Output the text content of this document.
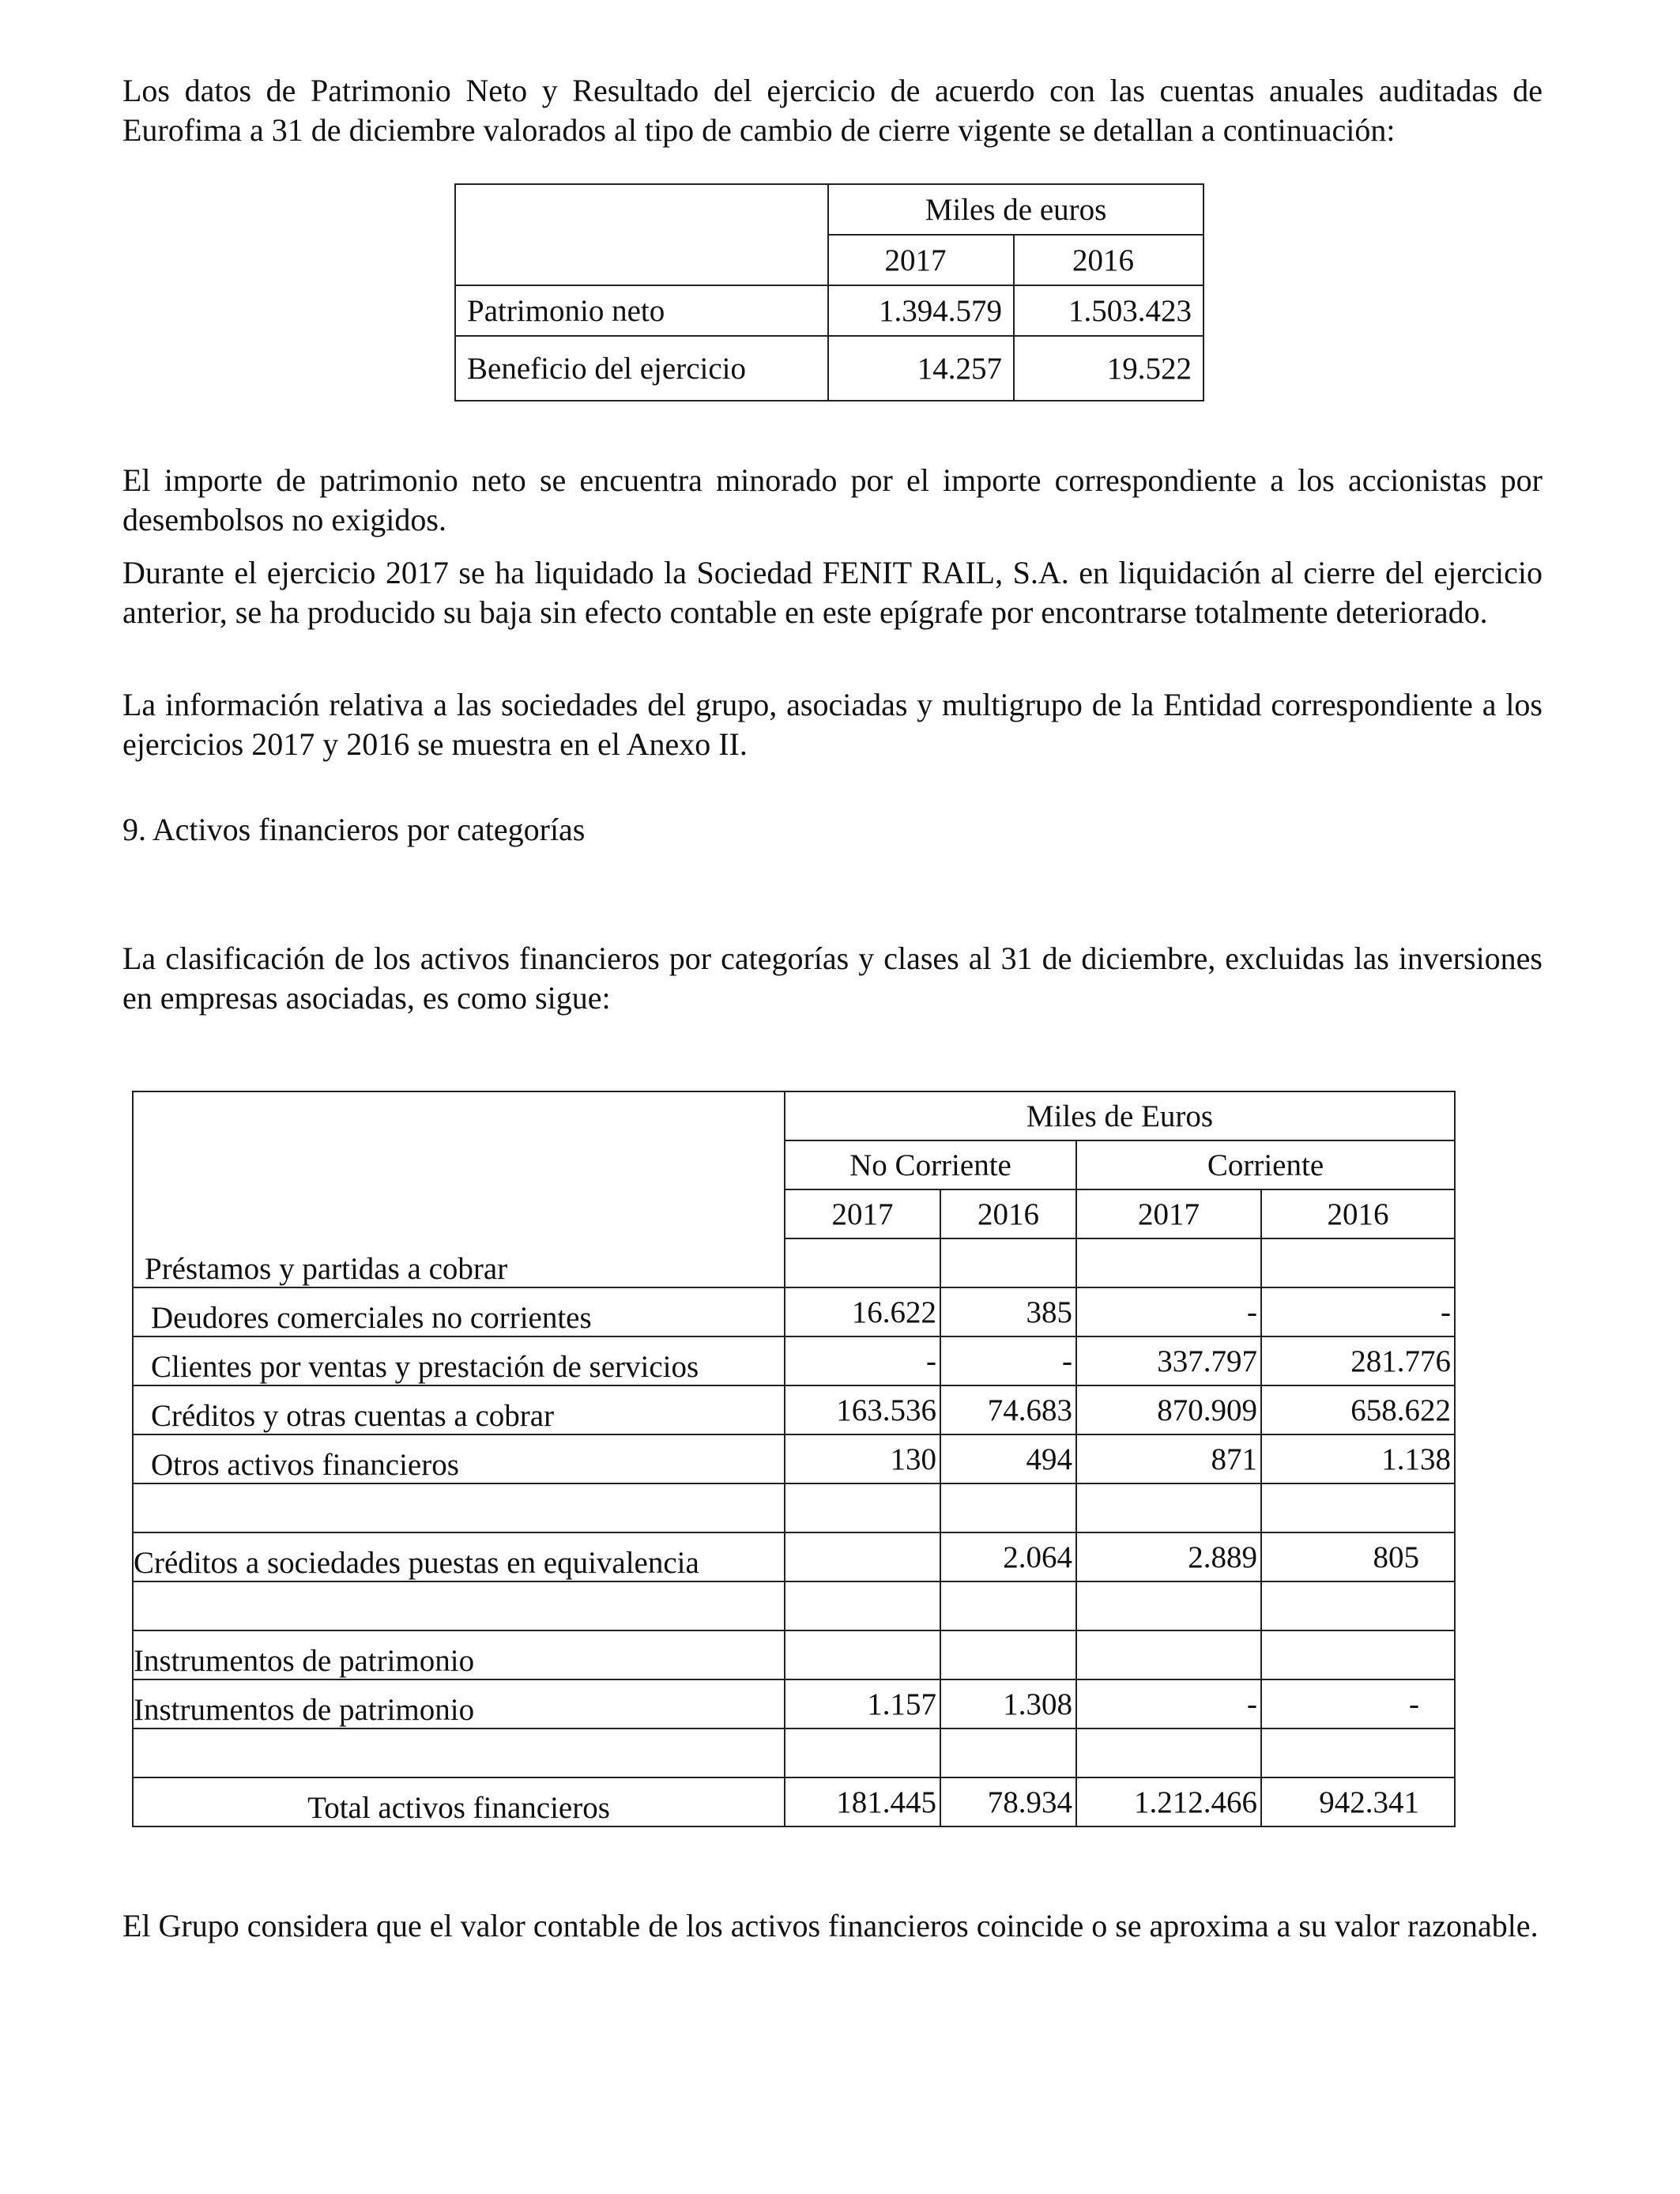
Los datos de Patrimonio Neto y Resultado del ejercicio de acuerdo con las cuentas anuales auditadas de Eurofima a 31 de diciembre valorados al tipo de cambio de cierre vigente se detallan a continuación:

	Miles de euros	
	2017	2016
Patrimonio neto	1.394.579	1.503.423
Beneficio del ejercicio	14.257	19.522

El importe de patrimonio neto se encuentra minorado por el importe correspondiente a los accionistas por desembolsos no exigidos.

Durante el ejercicio 2017 se ha liquidado la Sociedad FENIT RAIL, S.A. en liquidación al cierre del ejercicio anterior, se ha producido su baja sin efecto contable en este epígrafe por encontrarse totalmente deteriorado.

La información relativa a las sociedades del grupo, asociadas y multigrupo de la Entidad correspondiente a los ejercicios 2017 y 2016 se muestra en el Anexo II.

9. Activos financieros por categorías

La clasificación de los activos financieros por categorías y clases al 31 de diciembre, excluidas las inversiones en empresas asociadas, es como sigue:

	Miles de Euros			
	No Corriente		Corriente	
	2017	2016	2017	2016
Préstamos y partidas a cobrar				
Deudores comerciales no corrientes	16.622	385	-	-
Clientes por ventas y prestación de servicios	-	-	337.797	281.776
Créditos y otras cuentas a cobrar	163.536	74.683	870.909	658.622
Otros activos financieros	130	494	871	1.138

Créditos a sociedades puestas en equivalencia		2.064	2.889	805

Instrumentos de patrimonio				
Instrumentos de patrimonio	1.157	1.308	-	-

Total activos financieros	181.445	78.934	1.212.466	942.341

El Grupo considera que el valor contable de los activos financieros coincide o se aproxima a su valor razonable.
